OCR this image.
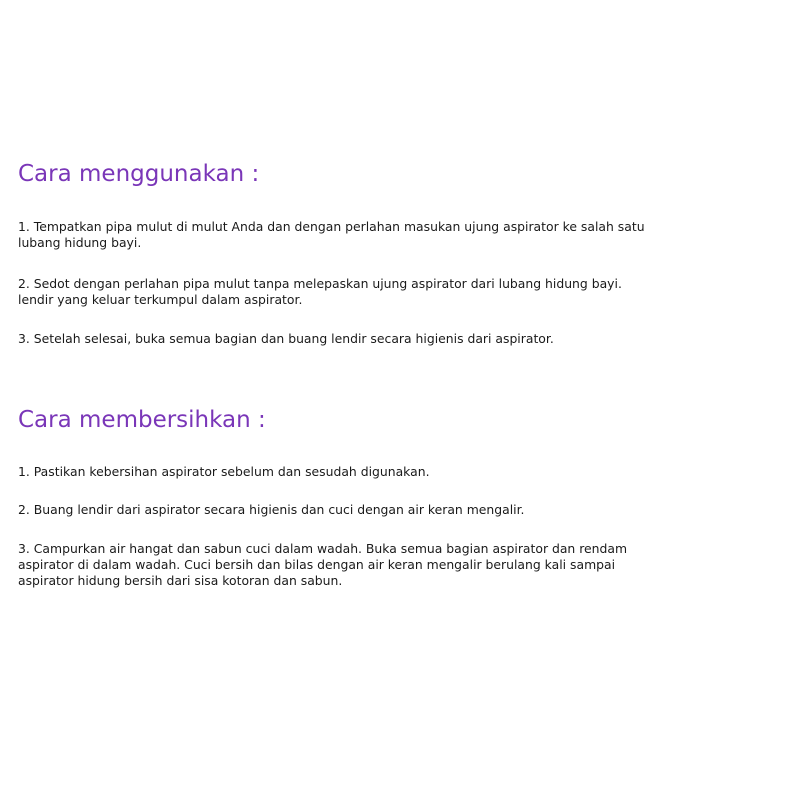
Cara menggunakan :

1. Tempatkan pipa mulut di mulut Anda dan dengan perlahan masukan ujung aspirator ke salah satu
lubang hidung bayi.

2. Sedot dengan perlahan pipa mulut tanpa melepaskan ujung aspirator dari lubang hidung bayi.
lendir yang keluar terkumpul dalam aspirator.

3. Setelah selesai, buka semua bagian dan buang lendir secara higienis dari aspirator.

Cara membersihkan :

1. Pastikan kebersihan aspirator sebelum dan sesudah digunakan.

2. Buang lendir dari aspirator secara higienis dan cuci dengan air keran mengalir.

3. Campurkan air hangat dan sabun cuci dalam wadah. Buka semua bagian aspirator dan rendam
aspirator di dalam wadah. Cuci bersih dan bilas dengan air keran mengalir berulang kali sampai
aspirator hidung bersih dari sisa kotoran dan sabun.
